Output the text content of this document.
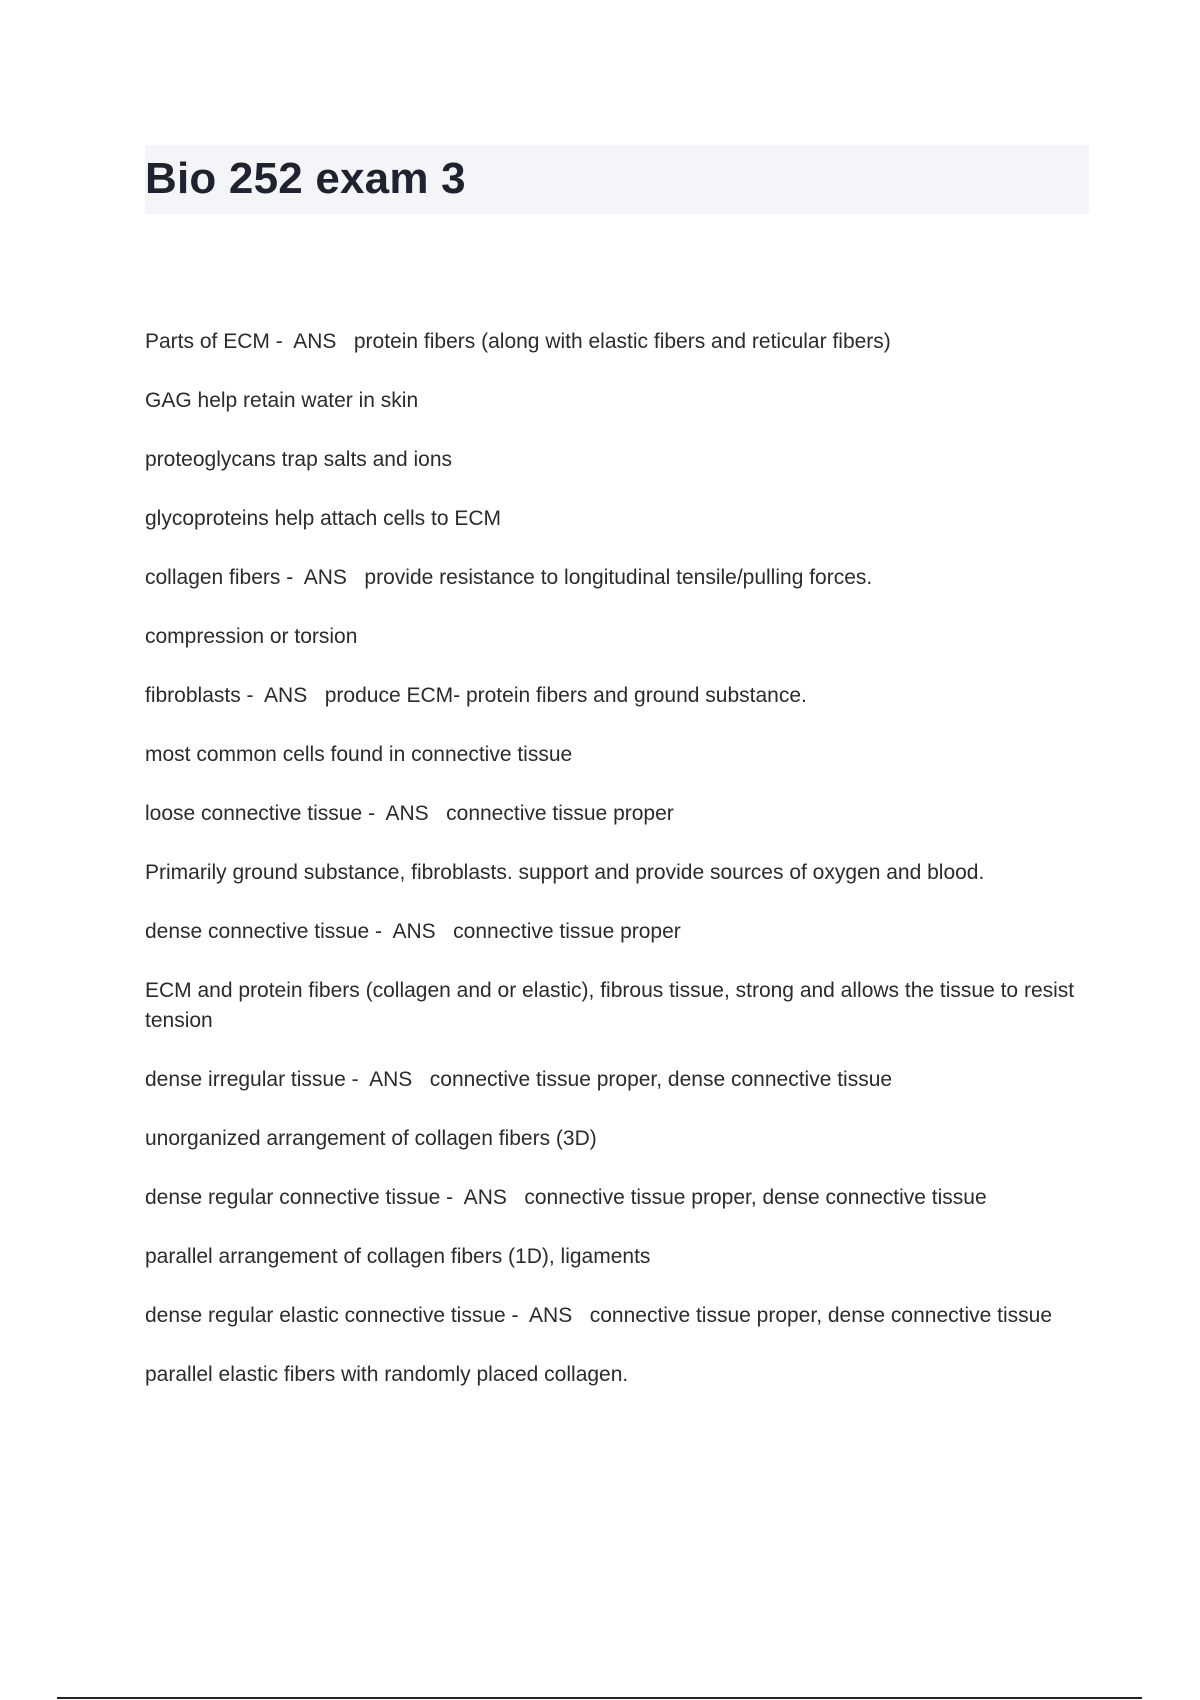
Bio 252 exam 3
Parts of ECM -  ANS   protein fibers (along with elastic fibers and reticular fibers)
GAG help retain water in skin
proteoglycans trap salts and ions
glycoproteins help attach cells to ECM
collagen fibers -  ANS   provide resistance to longitudinal tensile/pulling forces.
compression or torsion
fibroblasts -  ANS   produce ECM- protein fibers and ground substance.
most common cells found in connective tissue
loose connective tissue -  ANS   connective tissue proper
Primarily ground substance, fibroblasts. support and provide sources of oxygen and blood.
dense connective tissue -  ANS   connective tissue proper
ECM and protein fibers (collagen and or elastic), fibrous tissue, strong and allows the tissue to resist tension
dense irregular tissue -  ANS   connective tissue proper, dense connective tissue
unorganized arrangement of collagen fibers (3D)
dense regular connective tissue -  ANS   connective tissue proper, dense connective tissue
parallel arrangement of collagen fibers (1D), ligaments
dense regular elastic connective tissue -  ANS   connective tissue proper, dense connective tissue
parallel elastic fibers with randomly placed collagen.
